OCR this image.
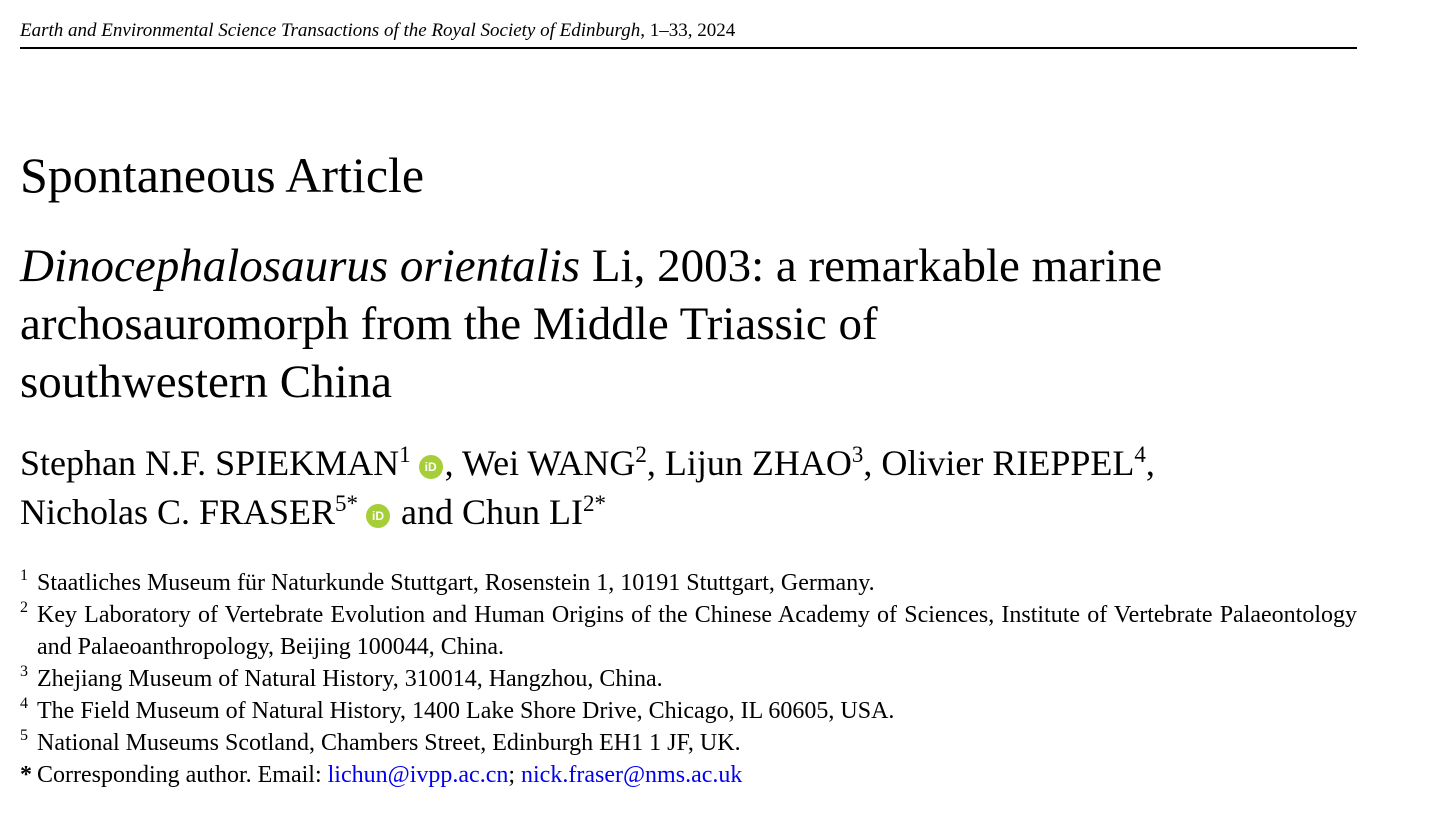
Earth and Environmental Science Transactions of the Royal Society of Edinburgh, 1–33, 2024
Spontaneous Article
Dinocephalosaurus orientalis Li, 2003: a remarkable marine
archosauromorph from the Middle Triassic of
southwestern China
Stephan N.F. SPIEKMAN$^1$ iD , Wei WANG$^2$, Lijun ZHAO$^3$, Olivier RIEPPEL$^4$,
Nicholas C. $FRASER^{5*}$ iD and Chun $LI^{2*}$
1 Staatliches Museum für Naturkunde Stuttgart, Rosenstein 1, 10191 Stuttgart, Germany.
2 Key Laboratory of Vertebrate Evolution and Human Origins of the Chinese Academy of Sciences, Institute of Vertebrate Palaeontology and Palaeoanthropology, Beijing 100044, China.
3 Zhejiang Museum of Natural History, 310014, Hangzhou, China.
4 The Field Museum of Natural History, 1400 Lake Shore Drive, Chicago, IL 60605, USA.
5 National Museums Scotland, Chambers Street, Edinburgh EH1 1 JF, UK.
* Corresponding author. Email: lichun@ivpp.ac.cn; nick.fraser@nms.ac.uk
